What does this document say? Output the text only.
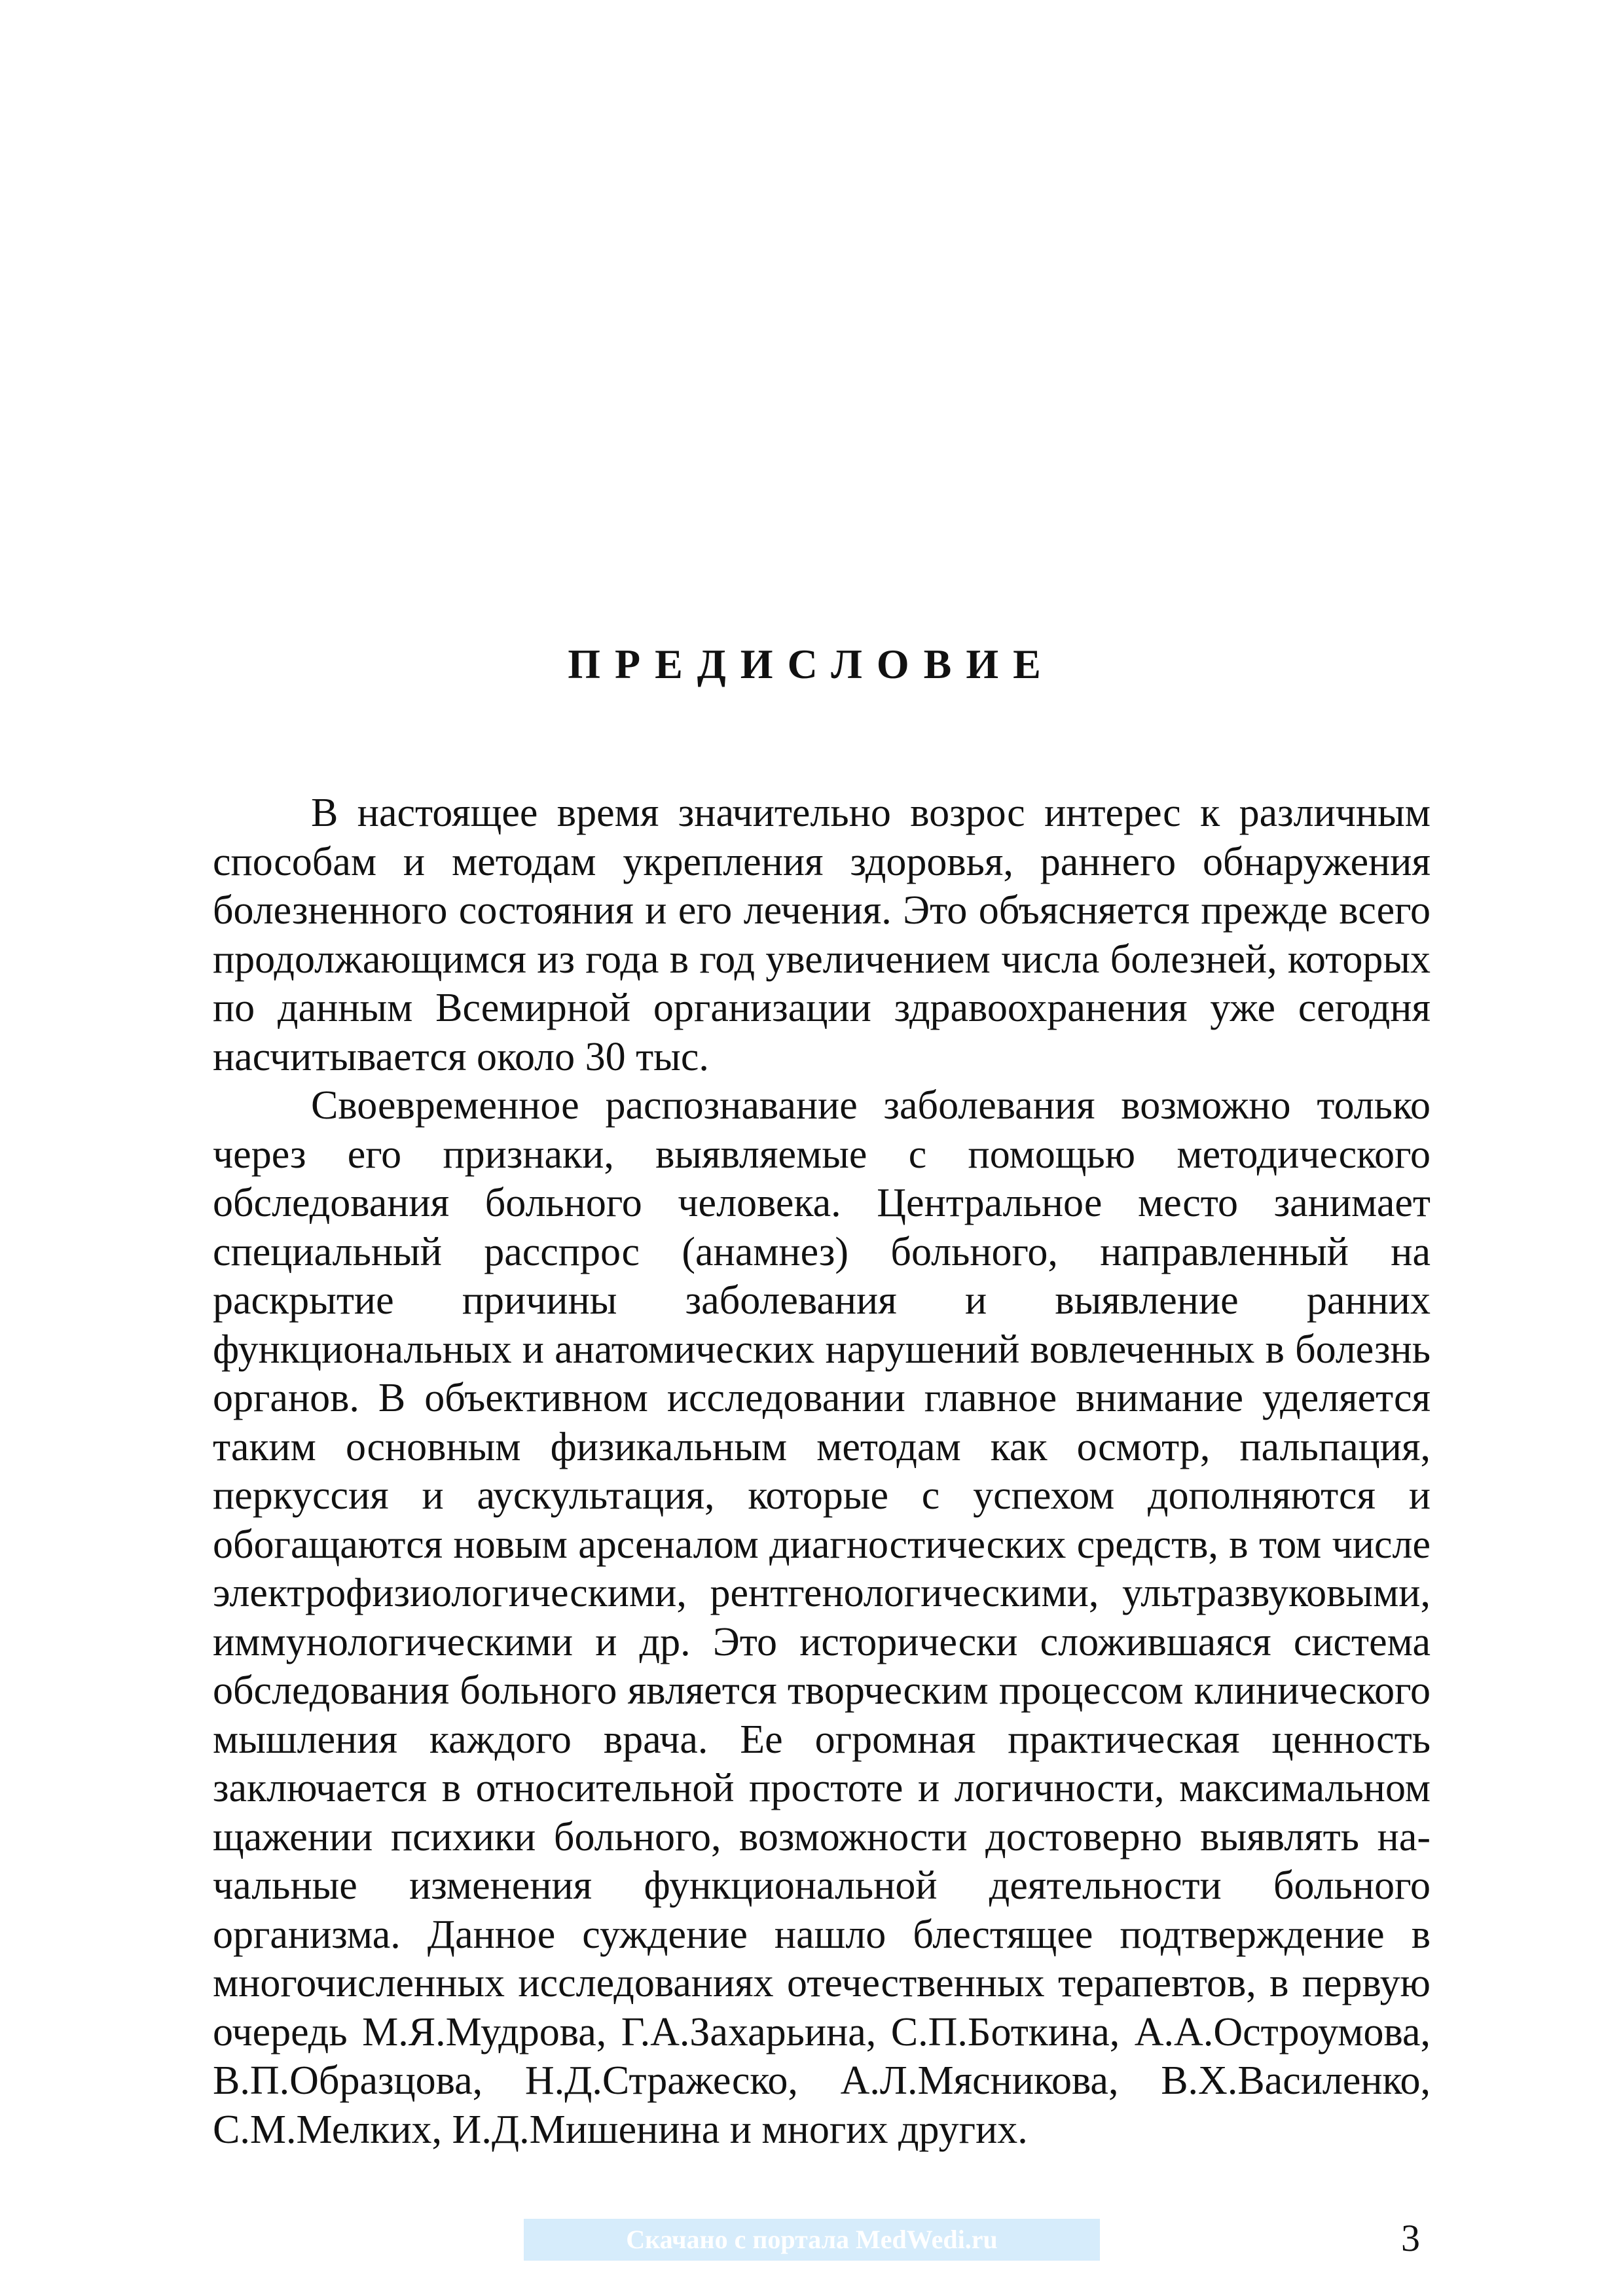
ПРЕДИСЛОВИЕ

В настоящее время значительно возрос интерес к различным способам и методам укрепления здоровья, раннего обнаружения болезненного состояния и его лечения. Это объясняется прежде всего продолжающимся из года в год увеличением числа болезней, которых по данным Всемирной организации здравоохранения уже сегодня насчитывается около 30 тыс.

Своевременное распознавание заболевания возможно только через его признаки, выявляемые с помощью методического обследования больного человека. Центральное место занимает специальный расспрос (анамнез) больного, направленный на раскрытие причины заболевания и выявление ранних функциональных и анатомических нарушений вовлеченных в болезнь органов. В объективном исследовании главное внимание уделяется таким основным физикальным методам как осмотр, пальпация, перкуссия и аускультация, которые с успехом дополняются и обогащаются новым арсеналом диагностических средств, в том числе электрофизиологическими, рентгенологическими, ультразвуковыми, иммунологическими и др. Это исторически сложившаяся система обследования больного является творческим процессом клинического мышления каждого врача. Ее огромная практическая ценность заключается в относительной простоте и логичности, максимальном щажении психики больного, возможности достоверно выявлять начальные изменения функциональной деятельности больного организма. Данное суждение нашло блестящее подтверждение в многочисленных исследованиях отечественных терапевтов, в первую очередь М.Я.Мудрова, Г.А.Захарьина, С.П.Боткина, А.А.Остроумова, В.П.Образцова, Н.Д.Стражеско, А.Л.Мясникова, В.Х.Василенко, С.М.Мелких, И.Д.Мишенина и многих других.

Скачано с портала MedWedi.ru	3
